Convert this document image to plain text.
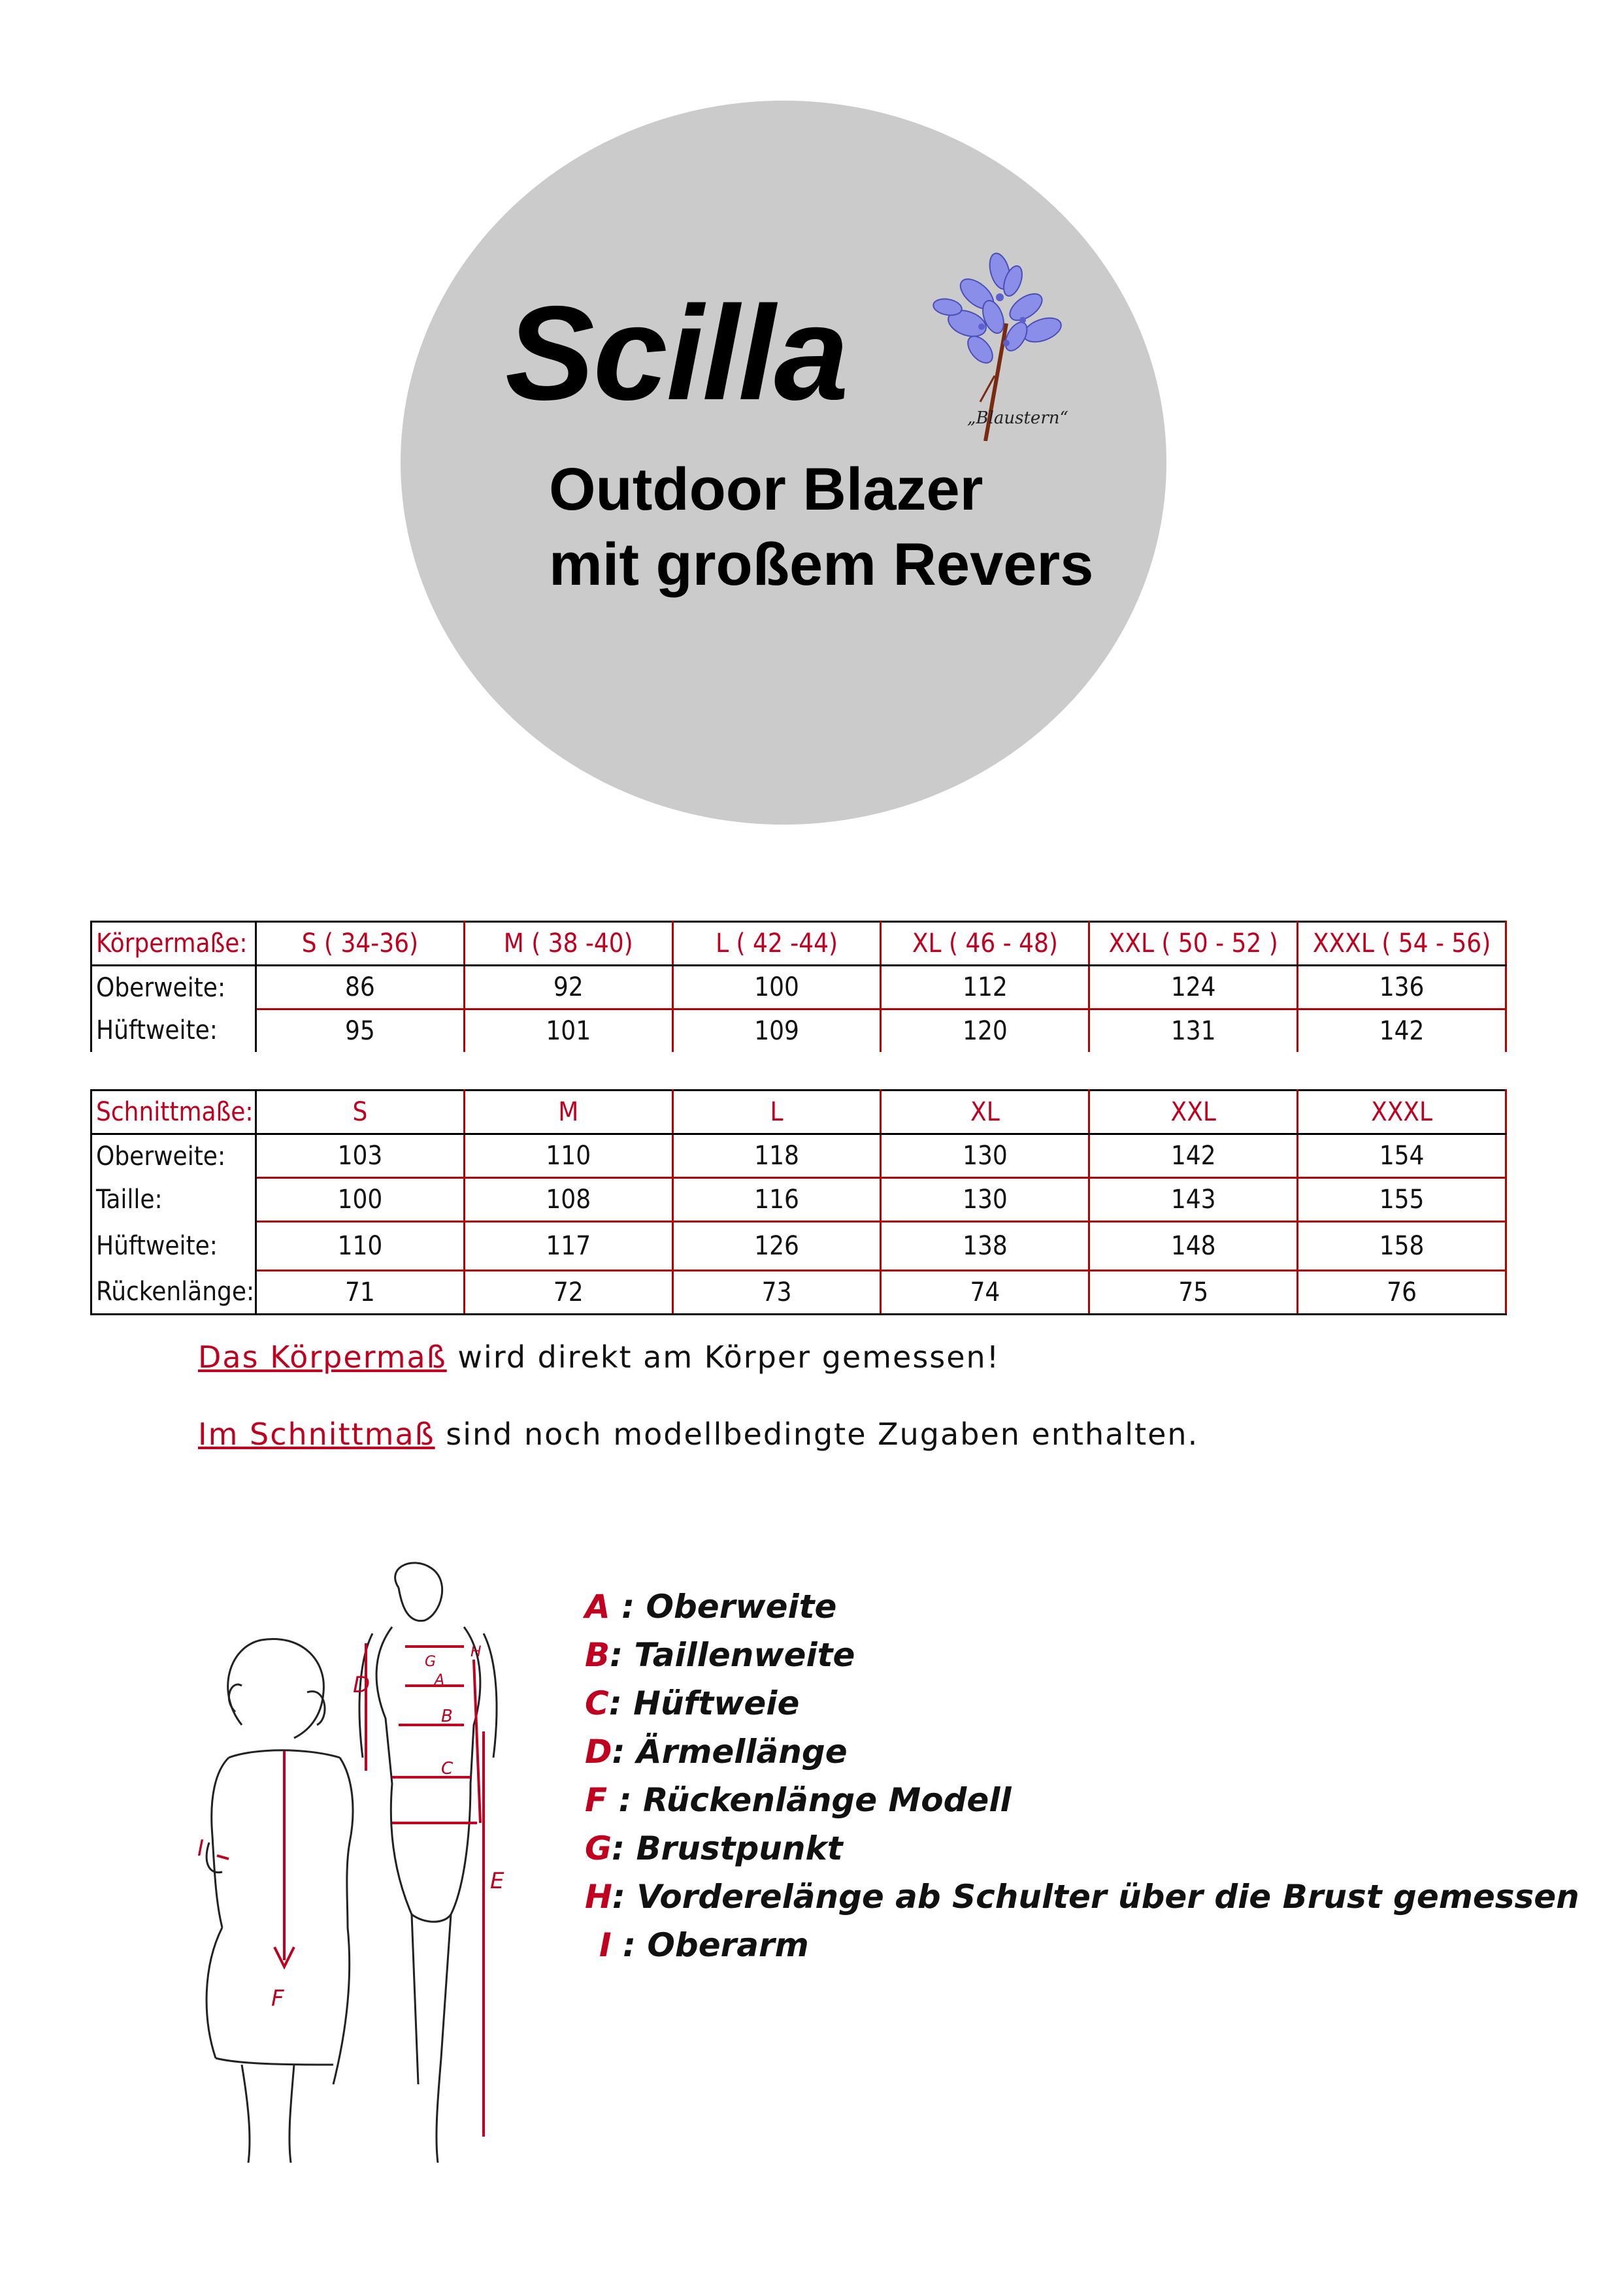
Scilla
Outdoor Blazer
mit großem Revers
„Blaustern“
Körpermaße:	S ( 34-36)	M ( 38 -40)	L ( 42 -44)	XL ( 46 - 48)	XXL ( 50 - 52 )	XXXL ( 54 - 56)
Oberweite:	86	92	100	112	124	136
Hüftweite:	95	101	109	120	131	142
Schnittmaße:	S	M	L	XL	XXL	XXXL
Oberweite:	103	110	118	130	142	154
Taille:	100	108	116	130	143	155
Hüftweite:	110	117	126	138	148	158
Rückenlänge:	71	72	73	74	75	76
Das Körpermaß wird direkt am Körper gemessen!
Im Schnittmaß sind noch modellbedingte Zugaben enthalten.
F
I
D
G
A
B
C
H
E
A : Oberweite
B: Taillenweite
C: Hüftweie
D: Ärmellänge
F : Rückenlänge Modell
G: Brustpunkt
H: Vorderelänge ab Schulter über die Brust gemessen
I : Oberarm
